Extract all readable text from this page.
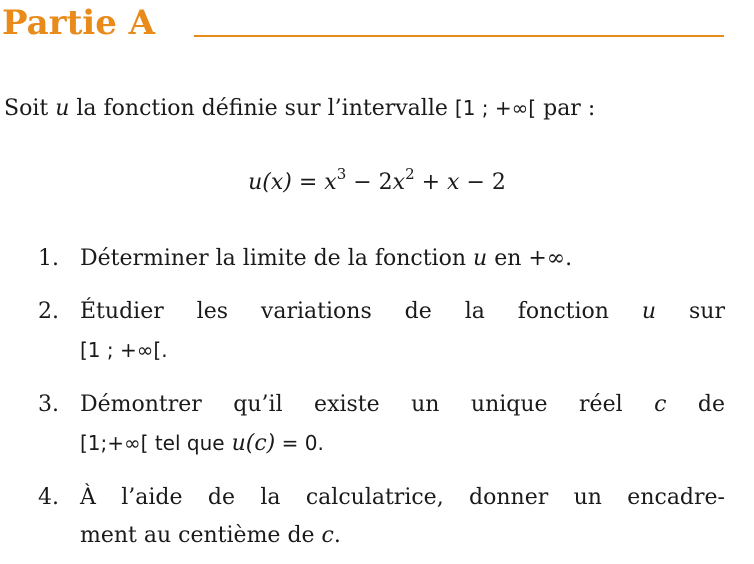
Partie A
Soit u la fonction définie sur l’intervalle [1 ; +∞[ par :
$u(x) = x^3 - 2x^2 + x - 2$
1. Déterminer la limite de la fonction u en +∞.
2. Étudier les variations de la fonction u sur
[1 ; +∞[.
3. Démontrer qu’il existe un unique réel c de
[1;+∞[ tel que u(c) = 0.
4. À l’aide de la calculatrice, donner un encadre-
ment au centième de c.
